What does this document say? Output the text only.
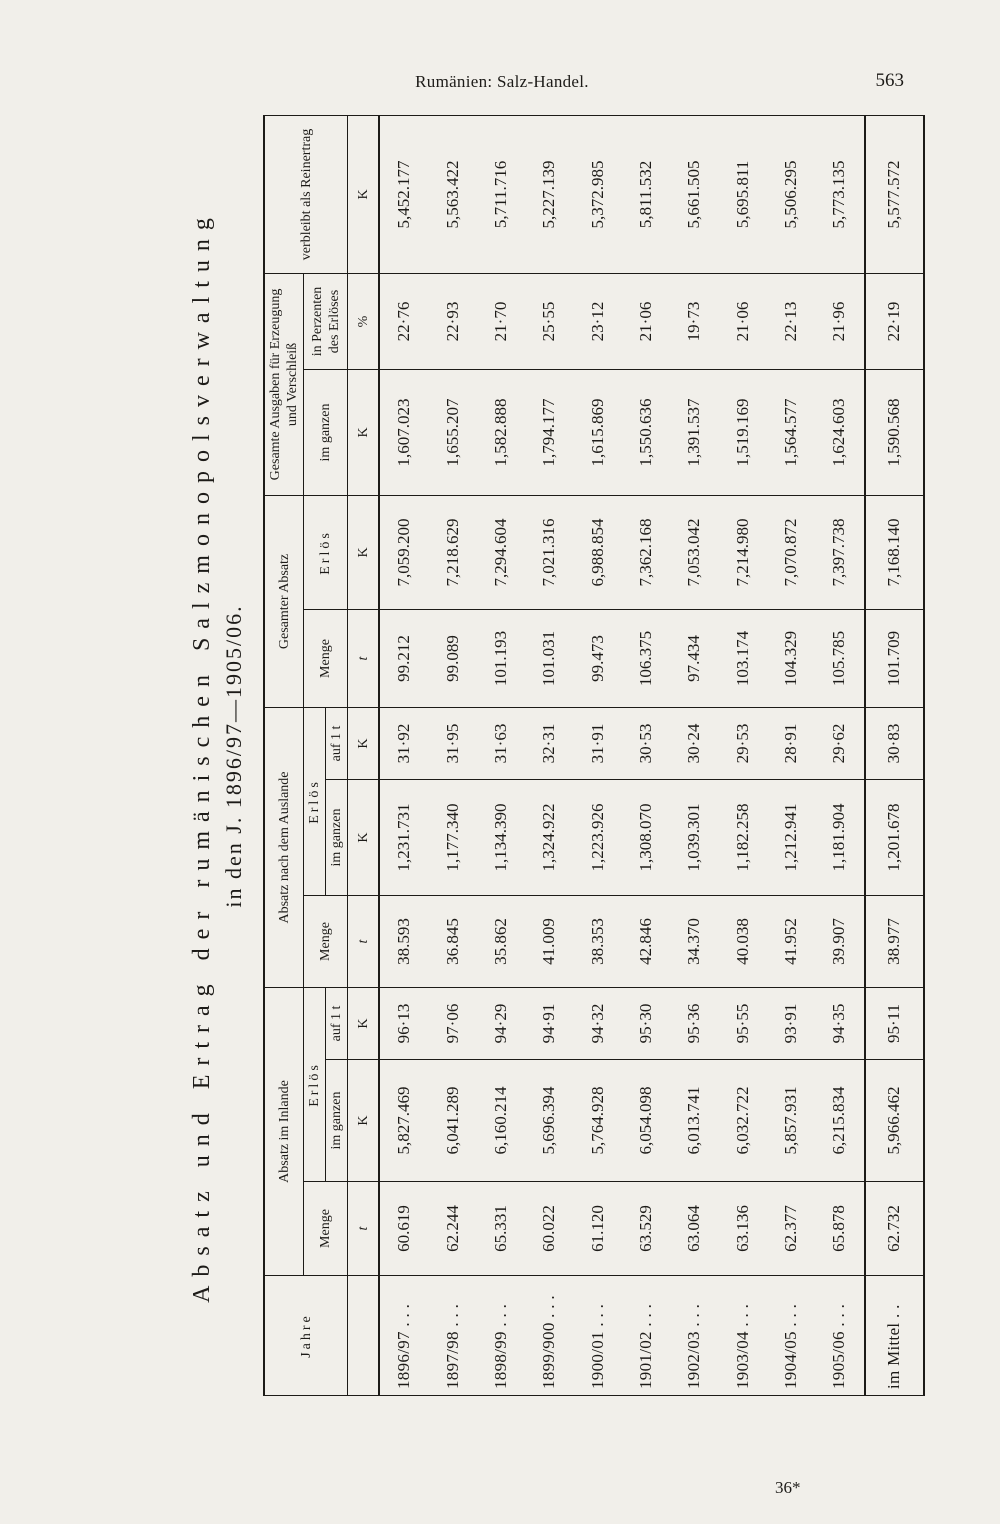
Rumänien: Salz-Handel.	563
Absatz und Ertrag der rumänischen Salzmonopolsverwaltung in den J. 1896/97—1905/06.
Jahre	Absatz im Inlande			Absatz nach dem Auslande			Gesamter Absatz		Gesamte Ausgaben für Erzeugung und Verschleiß		verbleibt als Reinertrag
	Menge	Erlös		Menge	Erlös		Menge	Erlös	im ganzen	in Perzenten des Erlöses	
		im ganzen	auf 1 t		im ganzen	auf 1 t					
	t	K	K	t	K	K	t	K	K	%	K
1896/97 . . .	60.619	5,827.469	96·13	38.593	1,231.731	31·92	99.212	7,059.200	1,607.023	22·76	5,452.177
1897/98 . . .	62.244	6,041.289	97·06	36.845	1,177.340	31·95	99.089	7,218.629	1,655.207	22·93	5,563.422
1898/99 . . .	65.331	6,160.214	94·29	35.862	1,134.390	31·63	101.193	7,294.604	1,582.888	21·70	5,711.716
1899/900 . . .	60.022	5,696.394	94·91	41.009	1,324.922	32·31	101.031	7,021.316	1,794.177	25·55	5,227.139
1900/01 . . .	61.120	5,764.928	94·32	38.353	1,223.926	31·91	99.473	6,988.854	1,615.869	23·12	5,372.985
1901/02 . . .	63.529	6,054.098	95·30	42.846	1,308.070	30·53	106.375	7,362.168	1,550.636	21·06	5,811.532
1902/03 . . .	63.064	6,013.741	95·36	34.370	1,039.301	30·24	97.434	7,053.042	1,391.537	19·73	5,661.505
1903/04 . . .	63.136	6,032.722	95·55	40.038	1,182.258	29·53	103.174	7,214.980	1,519.169	21·06	5,695.811
1904/05 . . .	62.377	5,857.931	93·91	41.952	1,212.941	28·91	104.329	7,070.872	1,564.577	22·13	5,506.295
1905/06 . . .	65.878	6,215.834	94·35	39.907	1,181.904	29·62	105.785	7,397.738	1,624.603	21·96	5,773.135
im Mittel . .	62.732	5,966.462	95·11	38.977	1,201.678	30·83	101.709	7,168.140	1,590.568	22·19	5,577.572
36*
